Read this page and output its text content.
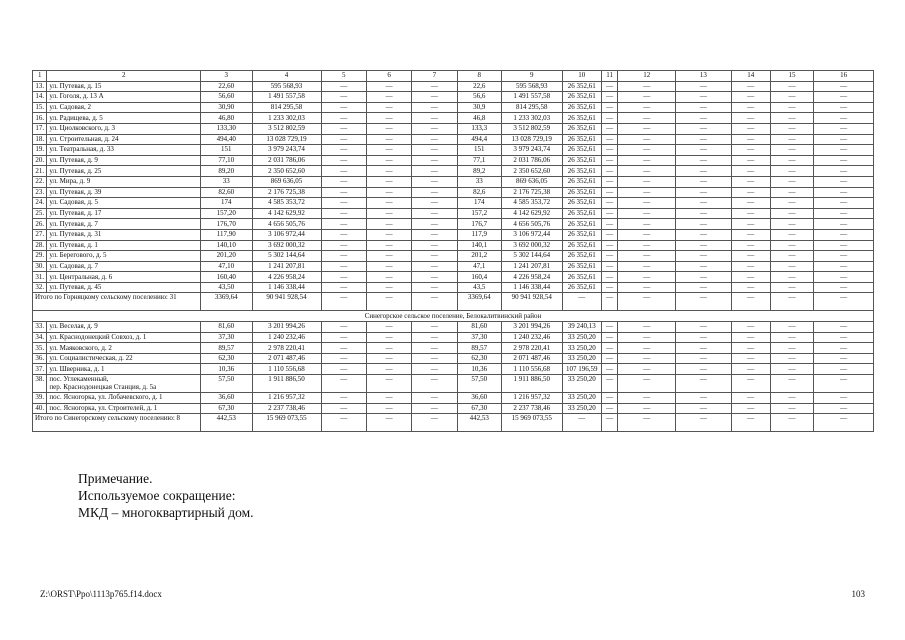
1	2	3	4	5	6	7	8	9	10	11	12	13	14	15	16
13.	ул. Путевая, д. 15	22,60	595 568,93	—	—	—	22,6	595 568,93	26 352,61	—	—	—	—	—	—
14.	ул. Гоголя, д. 13 А	56,60	1 491 557,58	—	—	—	56,6	1 491 557,58	26 352,61	—	—	—	—	—	—
15.	ул. Садовая, 2	30,90	814 295,58	—	—	—	30,9	814 295,58	26 352,61	—	—	—	—	—	—
16.	ул. Радищева, д. 5	46,80	1 233 302,03	—	—	—	46,8	1 233 302,03	26 352,61	—	—	—	—	—	—
17.	ул. Циолковского, д. 3	133,30	3 512 802,59	—	—	—	133,3	3 512 802,59	26 352,61	—	—	—	—	—	—
18.	ул. Строительная, д. 24	494,40	13 028 729,19	—	—	—	494,4	13 028 729,19	26 352,61	—	—	—	—	—	—
19.	ул. Театральная, д. 33	151	3 979 243,74	—	—	—	151	3 979 243,74	26 352,61	—	—	—	—	—	—
20.	ул. Путевая, д. 9	77,10	2 031 786,06	—	—	—	77,1	2 031 786,06	26 352,61	—	—	—	—	—	—
21.	ул. Путевая, д. 25	89,20	2 350 652,60	—	—	—	89,2	2 350 652,60	26 352,61	—	—	—	—	—	—
22.	ул. Мира, д. 9	33	869 636,05	—	—	—	33	869 636,05	26 352,61	—	—	—	—	—	—
23.	ул. Путевая, д. 39	82,60	2 176 725,38	—	—	—	82,6	2 176 725,38	26 352,61	—	—	—	—	—	—
24.	ул. Садовая, д. 5	174	4 585 353,72	—	—	—	174	4 585 353,72	26 352,61	—	—	—	—	—	—
25.	ул. Путевая, д. 17	157,20	4 142 629,92	—	—	—	157,2	4 142 629,92	26 352,61	—	—	—	—	—	—
26.	ул. Путевая, д. 7	176,70	4 656 505,76	—	—	—	176,7	4 656 505,76	26 352,61	—	—	—	—	—	—
27.	ул. Путевая, д. 31	117,90	3 106 972,44	—	—	—	117,9	3 106 972,44	26 352,61	—	—	—	—	—	—
28.	ул. Путевая, д. 1	140,10	3 692 000,32	—	—	—	140,1	3 692 000,32	26 352,61	—	—	—	—	—	—
29.	ул. Берегового, д. 5	201,20	5 302 144,64	—	—	—	201,2	5 302 144,64	26 352,61	—	—	—	—	—	—
30.	ул. Садовая, д. 7	47,10	1 241 207,81	—	—	—	47,1	1 241 207,81	26 352,61	—	—	—	—	—	—
31.	ул. Центральная, д. 6	160,40	4 226 958,24	—	—	—	160,4	4 226 958,24	26 352,61	—	—	—	—	—	—
32.	ул. Путевая, д. 45	43,50	1 146 338,44	—	—	—	43,5	1 146 338,44	26 352,61	—	—	—	—	—	—
Итого по Горняцкому сельскому поселению: 31		3369,64	90 941 928,54	—	—	—	3369,64	90 941 928,54	—	—	—	—	—	—	—
Синегорское сельское поселение, Белокалитвинский район															
33.	ул. Веселая, д. 9	81,60	3 201 994,26	—	—	—	81,60	3 201 994,26	39 240,13	—	—	—	—	—	—
34.	ул. Краснодонецкий Совхоз, д. 1	37,30	1 240 232,46	—	—	—	37,30	1 240 232,46	33 250,20	—	—	—	—	—	—
35.	ул. Маяковского, д. 2	89,57	2 978 220,41	—	—	—	89,57	2 978 220,41	33 250,20	—	—	—	—	—	—
36.	ул. Социалистическая, д. 22	62,30	2 071 487,46	—	—	—	62,30	2 071 487,46	33 250,20	—	—	—	—	—	—
37.	ул. Шверника, д. 1	10,36	1 110 556,68	—	—	—	10,36	1 110 556,68	107 196,59	—	—	—	—	—	—
38.	пос. Углекаменный,
пер. Краснодонецкая Станция, д. 5а	57,50	1 911 886,50	—	—	—	57,50	1 911 886,50	33 250,20	—	—	—	—	—	—
39.	пос. Ясногорка, ул. Лобачевского, д. 1	36,60	1 216 957,32	—	—	—	36,60	1 216 957,32	33 250,20	—	—	—	—	—	—
40.	пос. Ясногорка, ул. Строителей, д. 1	67,30	2 237 738,46	—	—	—	67,30	2 237 738,46	33 250,20	—	—	—	—	—	—
Итого по Синегорскому сельскому поселению: 8		442,53	15 969 073,55	—	—	—	442,53	15 969 073,55	—	—	—	—	—	—	—
Примечание.
Используемое сокращение:
МКД – многоквартирный дом.
Z:\ORST\Ppo\1113p765.f14.docx	103
